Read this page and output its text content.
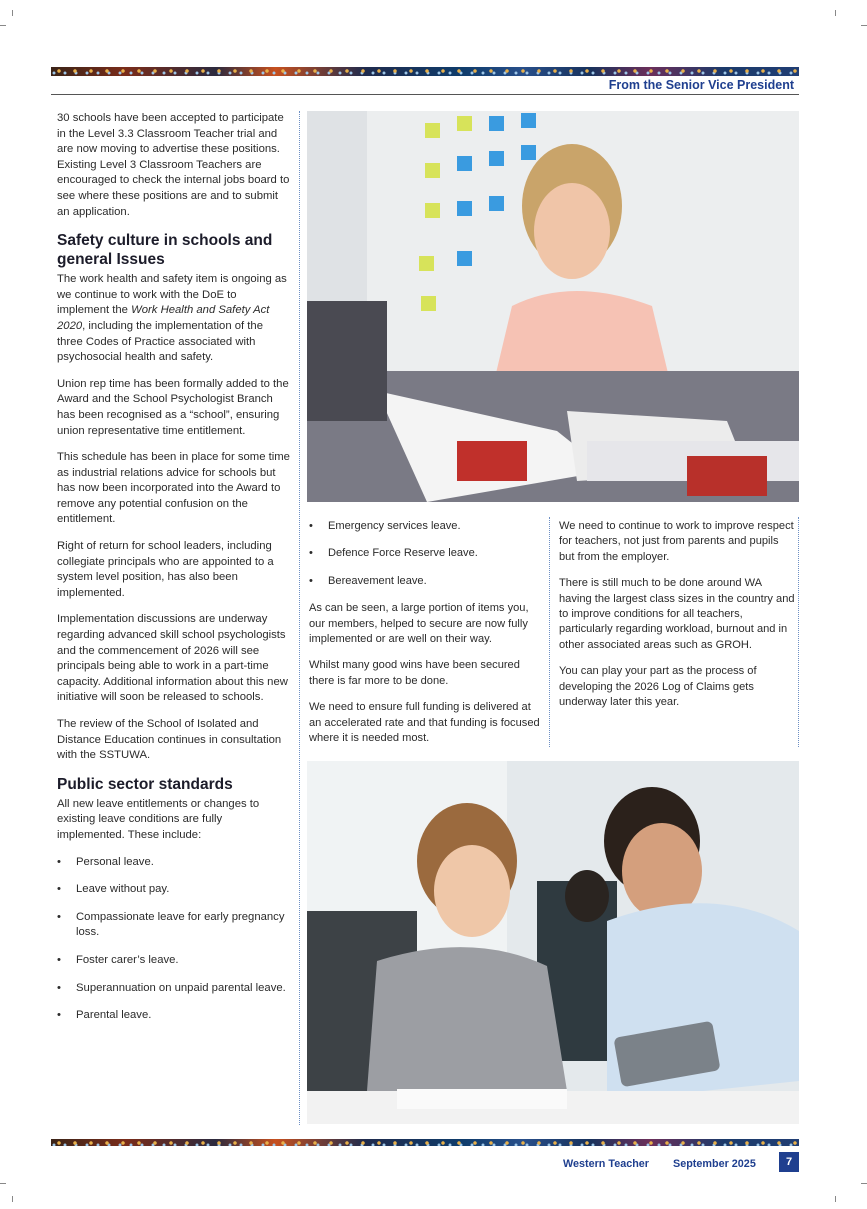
From the Senior Vice President

30 schools have been accepted to participate in the Level 3.3 Classroom Teacher trial and are now moving to advertise these positions. Existing Level 3 Classroom Teachers are encouraged to check the internal jobs board to see where these positions are and to submit an application.

Safety culture in schools and general Issues

The work health and safety item is ongoing as we continue to work with the DoE to implement the Work Health and Safety Act 2020, including the implementation of the three Codes of Practice associated with psychosocial health and safety.

Union rep time has been formally added to the Award and the School Psychologist Branch has been recognised as a “school”, ensuring union representative time entitlement.

This schedule has been in place for some time as industrial relations advice for schools but has now been incorporated into the Award to remove any potential confusion on the entitlement.

Right of return for school leaders, including collegiate principals who are appointed to a system level position, has also been implemented.

Implementation discussions are underway regarding advanced skill school psychologists and the commencement of 2026 will see principals being able to work in a part-time capacity. Additional information about this new initiative will soon be released to schools.

The review of the School of Isolated and Distance Education continues in consultation with the SSTUWA.

Public sector standards

All new leave entitlements or changes to existing leave conditions are fully implemented. These include:

• Personal leave.
• Leave without pay.
• Compassionate leave for early pregnancy loss.
• Foster carer’s leave.
• Superannuation on unpaid parental leave.
• Parental leave.
• Emergency services leave.
• Defence Force Reserve leave.
• Bereavement leave.

As can be seen, a large portion of items you, our members, helped to secure are now fully implemented or are well on their way.

Whilst many good wins have been secured there is far more to be done.

We need to ensure full funding is delivered at an accelerated rate and that funding is focused where it is needed most.

We need to continue to work to improve respect for teachers, not just from parents and pupils but from the employer.

There is still much to be done around WA having the largest class sizes in the country and to improve conditions for all teachers, particularly regarding workload, burnout and in other associated areas such as GROH.

You can play your part as the process of developing the 2026 Log of Claims gets underway later this year.

Western Teacher September 2025	7
